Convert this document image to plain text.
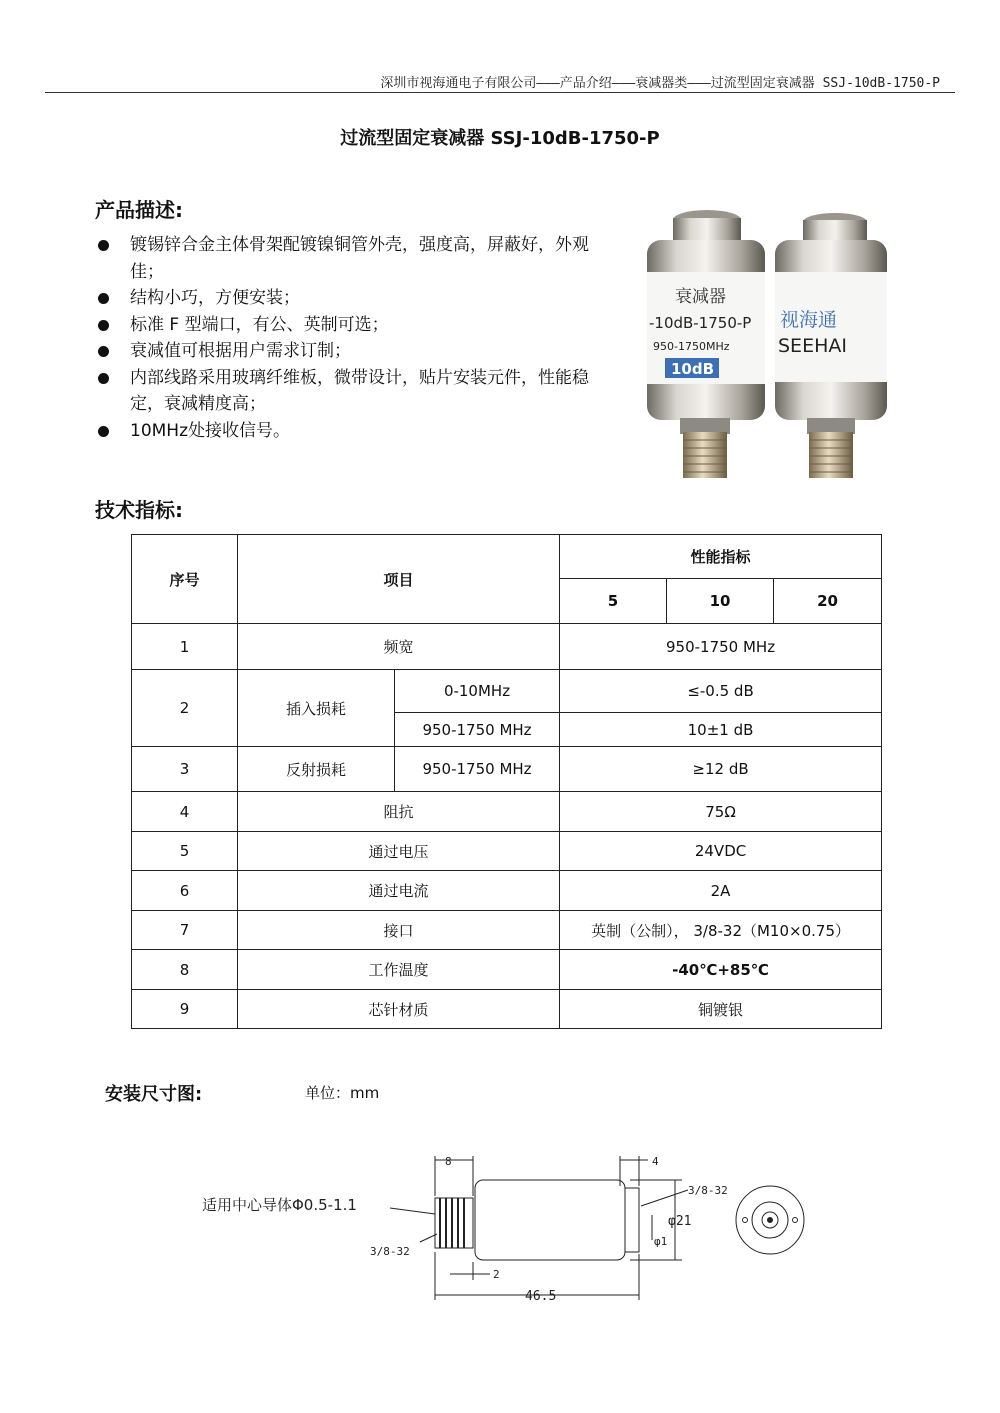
深圳市视海通电子有限公司———产品介绍———衰减器类———过流型固定衰减器 SSJ-10dB-1750-P
过流型固定衰减器 SSJ-10dB-1750-P
产品描述:
镀锡锌合金主体骨架配镀镍铜管外壳，强度高，屏蔽好，外观佳；
结构小巧，方便安装；
标准 F 型端口，有公、英制可选；
衰减值可根据用户需求订制；
内部线路采用玻璃纤维板，微带设计，贴片安装元件，性能稳定，衰减精度高；
10MHz处接收信号。
衰减器
-10dB-1750-P
950-1750MHz
10dB
视海通
SEEHAI
技术指标:
序号	项目		性能指标		
			5	10	20
1	频宽		950-1750 MHz		
2	插入损耗	0-10MHz	≤-0.5 dB		
		950-1750 MHz	10±1 dB		
3	反射损耗	950-1750 MHz	≥12 dB		
4	阻抗		75Ω		
5	通过电压		24VDC		
6	通过电流		2A		
7	接口		英制（公制）， 3/8-32（M10×0.75）		
8	工作温度		-40℃+85℃		
9	芯针材质		铜镀银		
安装尺寸图:	单位：mm
8	4
3/8-32
3/8-32
φ21
φ1
2
46.5
适用中心导体Φ0.5-1.1
